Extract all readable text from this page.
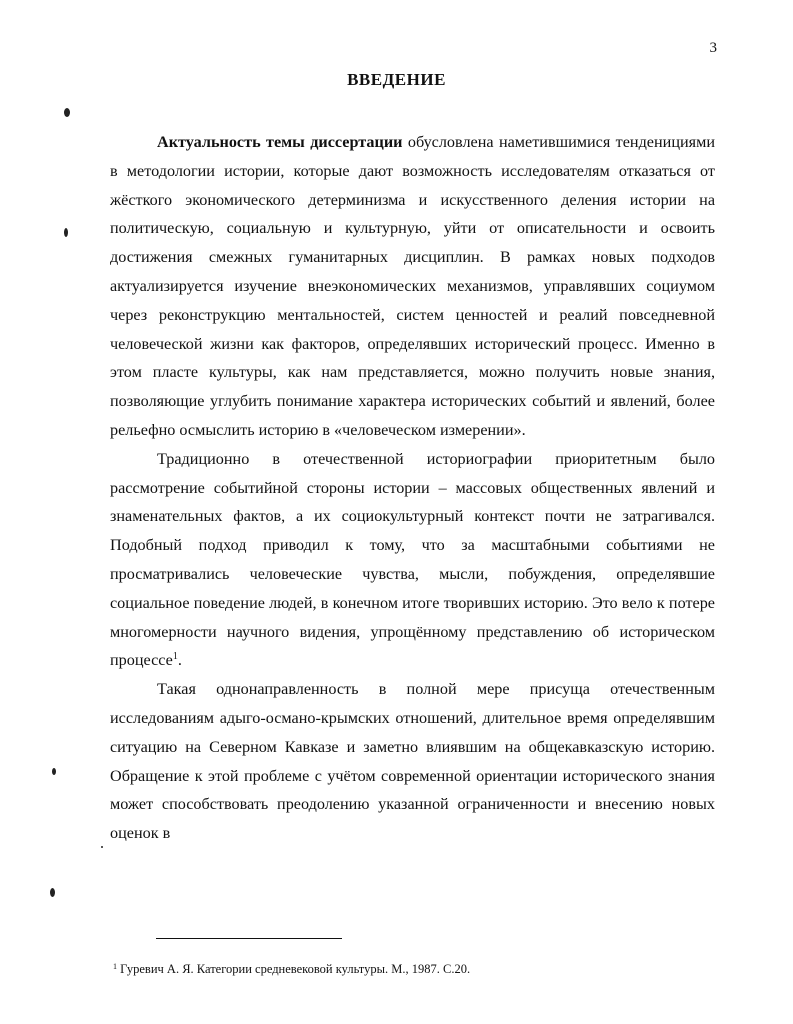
3
ВВЕДЕНИЕ

Актуальность темы диссертации обусловлена наметившимися тенденициями в методологии истории, которые дают возможность исследователям отказаться от жёсткого экономического детерминизма и искусственного деления истории на политическую, социальную и культурную, уйти от описательности и освоить достижения смежных гуманитарных дисциплин. В рамках новых подходов актуализируется изучение внеэкономических механизмов, управлявших социумом через реконструкцию ментальностей, систем ценностей и реалий повседневной человеческой жизни как факторов, определявших исторический процесс. Именно в этом пласте культуры, как нам представляется, можно получить новые знания, позволяющие углубить понимание характера исторических событий и явлений, более рельефно осмыслить историю в «человеческом измерении».

Традиционно в отечественной историографии приоритетным было рассмотрение событийной стороны истории – массовых общественных явлений и знаменательных фактов, а их социокультурный контекст почти не затрагивался. Подобный подход приводил к тому, что за масштабными событиями не просматривались человеческие чувства, мысли, побуждения, определявшие социальное поведение людей, в конечном итоге творивших историю. Это вело к потере многомерности научного видения, упрощённому представлению об историческом процессе$^1$.

Такая однонаправленность в полной мере присуща отечественным исследованиям адыго-османо-крымских отношений, длительное время определявшим ситуацию на Северном Кавказе и заметно влиявшим на общекавказскую историю. Обращение к этой проблеме с учётом современной ориентации исторического знания может способствовать преодолению указанной ограниченности и внесению новых оценок в

$^1$ Гуревич А. Я. Категории средневековой культуры. М., 1987. С.20.
